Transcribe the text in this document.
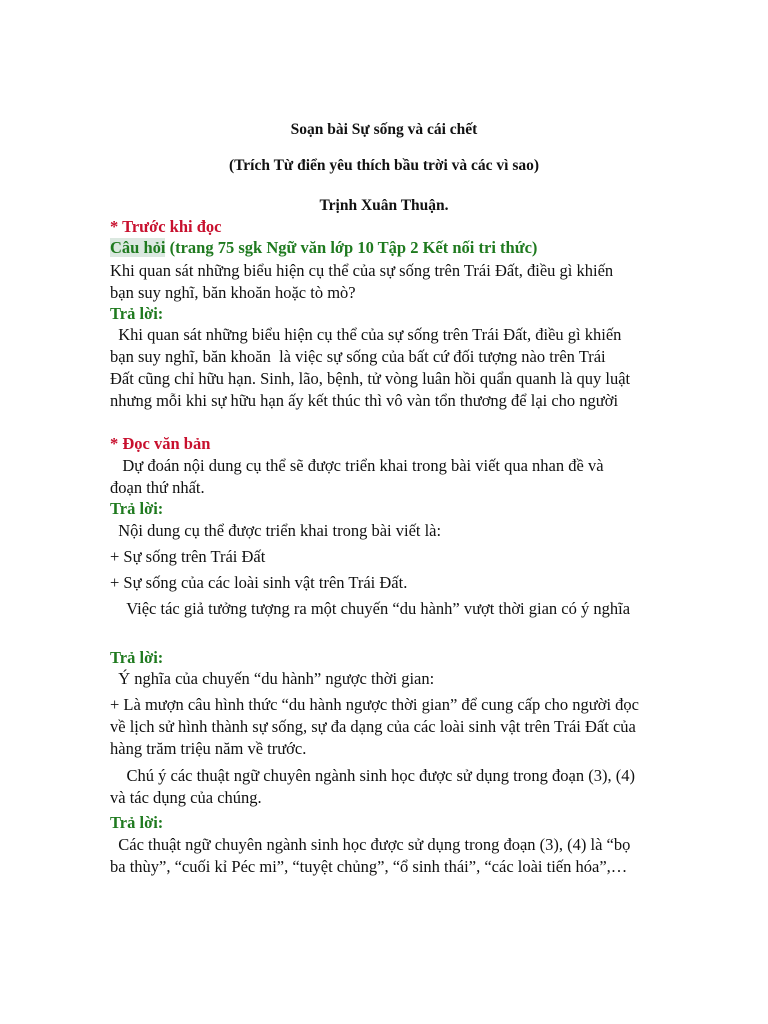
Soạn bài Sự sống và cái chết
(Trích Từ điển yêu thích bầu trời và các vì sao)
Trịnh Xuân Thuận.
* Trước khi đọc
Câu hỏi (trang 75 sgk Ngữ văn lớp 10 Tập 2 Kết nối tri thức)
Khi quan sát những biểu hiện cụ thể của sự sống trên Trái Đất, điều gì khiến
bạn suy nghĩ, băn khoăn hoặc tò mò?
Trả lời:
Khi quan sát những biểu hiện cụ thể của sự sống trên Trái Đất, điều gì khiến
bạn suy nghĩ, băn khoăn  là việc sự sống của bất cứ đối tượng nào trên Trái
Đất cũng chỉ hữu hạn. Sinh, lão, bệnh, tử vòng luân hồi quẩn quanh là quy luật
nhưng mỗi khi sự hữu hạn ấy kết thúc thì vô vàn tổn thương để lại cho người
* Đọc văn bản
Dự đoán nội dung cụ thể sẽ được triển khai trong bài viết qua nhan đề và
đoạn thứ nhất.
Trả lời:
Nội dung cụ thể được triển khai trong bài viết là:
+ Sự sống trên Trái Đất
+ Sự sống của các loài sinh vật trên Trái Đất.
Việc tác giả tưởng tượng ra một chuyến “du hành” vượt thời gian có ý nghĩa
Trả lời:
Ý nghĩa của chuyến “du hành” ngược thời gian:
+ Là mượn câu hình thức “du hành ngược thời gian” để cung cấp cho người đọc
về lịch sử hình thành sự sống, sự đa dạng của các loài sinh vật trên Trái Đất của
hàng trăm triệu năm về trước.
Chú ý các thuật ngữ chuyên ngành sinh học được sử dụng trong đoạn (3), (4)
và tác dụng của chúng.
Trả lời:
Các thuật ngữ chuyên ngành sinh học được sử dụng trong đoạn (3), (4) là “bọ
ba thùy”, “cuối kỉ Péc mi”, “tuyệt chủng”, “ổ sinh thái”, “các loài tiến hóa”,…
